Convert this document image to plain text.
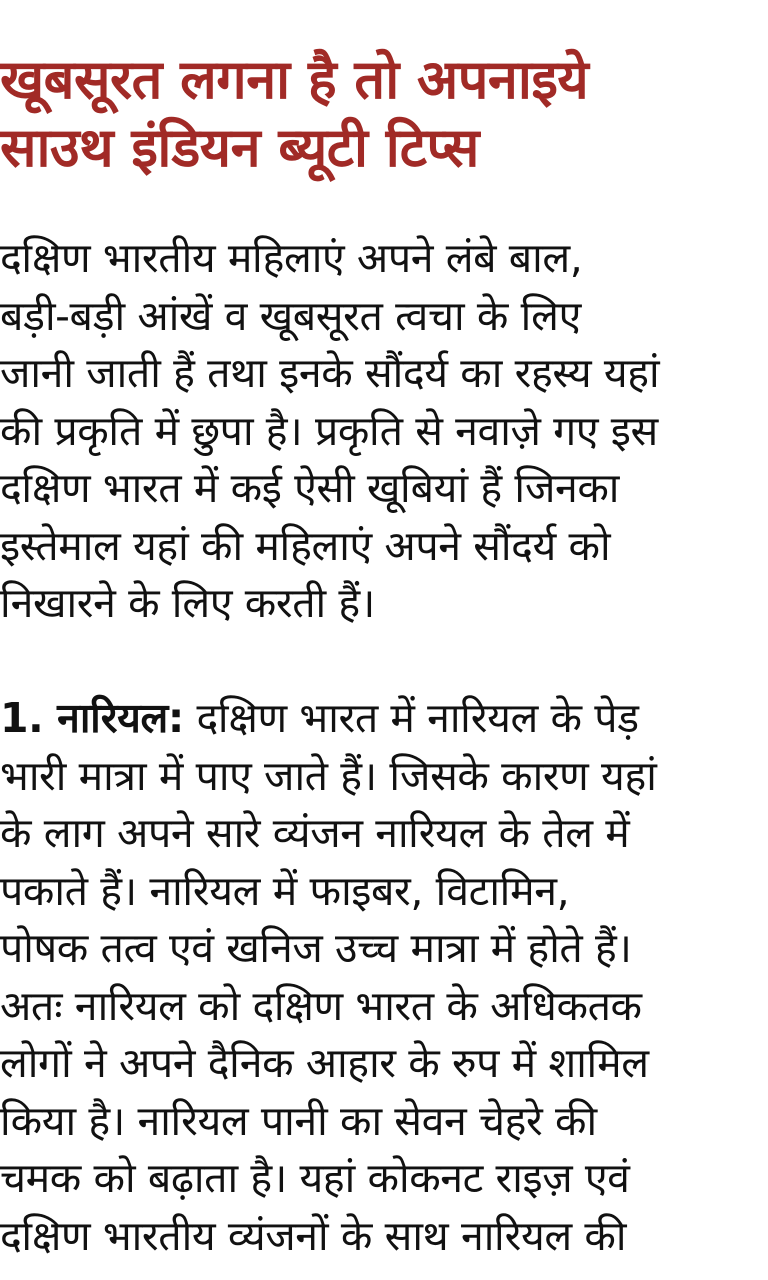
खूबसूरत लगना है तो अपनाइये
साउथ इंडियन ब्यूटी टिप्स

दक्षिण भारतीय महिलाएं अपने लंबे बाल,
बड़ी-बड़ी आंखें व खूबसूरत त्वचा के लिए
जानी जाती हैं तथा इनके सौंदर्य का रहस्य यहां
की प्रकृति में छुपा है। प्रकृति से नवाज़े गए इस
दक्षिण भारत में कई ऐसी खूबियां हैं जिनका
इस्तेमाल यहां की महिलाएं अपने सौंदर्य को
निखारने के लिए करती हैं।

1. नारियल: दक्षिण भारत में नारियल के पेड़
भारी मात्रा में पाए जाते हैं। जिसके कारण यहां
के लाग अपने सारे व्यंजन नारियल के तेल में
पकाते हैं। नारियल में फाइबर, विटामिन,
पोषक तत्व एवं खनिज उच्च मात्रा में होते हैं।
अतः नारियल को दक्षिण भारत के अधिकतक
लोगों ने अपने दैनिक आहार के रुप में शामिल
किया है। नारियल पानी का सेवन चेहरे की
चमक को बढ़ाता है। यहां कोकनट राइज़ एवं
दक्षिण भारतीय व्यंजनों के साथ नारियल की
